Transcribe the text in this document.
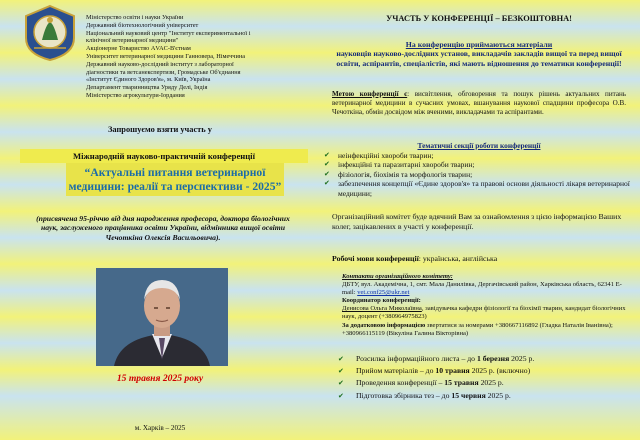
Міністерство освіти і науки України
Державний біотехнологічний університет
Національний науковий центр "Інститут експериментальної і
клінічної ветеринарної медицини"
Акціонерне Товариство АVAС-В'єтнам
Університет ветеринарної медицини Ганновера, Німеччина
Державний науково-дослідний інститут з лабораторної
діагностики та ветсанекспертизи, Громадське Об'єднання
«Інститут Єдиного Здоров'я», м. Київ, Україна
Департамент тваринництва Уряду Делі, Індія
Міністерство агрокультури-Іордания
Запрошуємо взяти участь у
Міжнародній науково-практичній конференції
“Актуальні питання ветеринарної медицини: реалії та перспективи - 2025”
(присвячена 95-річчю від дня народження професора, доктора біологічних наук, заслуженого працівника освіти України, відмінника вищої освіти Чечоткіна Олексія Васильовича).
15 травня 2025 року
м. Харків – 2025
УЧАСТЬ У КОНФЕРЕНЦІЇ – БЕЗКОШТОВНА!
На конференцію приймаються матеріали
науковців науково-дослідних установ, викладачів закладів вищої та перед вищої освіти, аспірантів, спеціалістів, які мають відношення до тематики конференції!
Метою конференції є: висвітлення, обговорення та пошук рішень актуальних питань ветеринарної медицини в сучасних умовах, вшанування наукової спадщини професора О.В. Чечоткіна, обмін досвідом між вченими, викладачами та аспірантами.
Тематичні секції роботи конференції
✔	неінфекційні хвороби тварин;
✔	інфекційні та паразитарні хвороби тварин;
✔	фізіологія, біохімія та морфологія тварин;
✔	забезпечення концепції «Єдине здоров'я» та правові основи діяльності лікаря ветеринарної медицини;
Організаційний комітет буде вдячний Вам за ознайомлення з цією інформацією Ваших колег, зацікавлених в участі у конференції.
Робочі мови конференції: українська, англійська
Контакти організаційного комітету:
ДБТУ, вул. Академічна, 1, смт. Мала Данилівка, Дергачівський район, Харківська область, 62341 E-mail: vet.conf25@ukr.net
Координатор конференції:
Денисова Ольга Миколаївна, завідувачка кафедри фізіології та біохімії тварин, кандидат біологічних наук, доцент (+380964975823)
За додатковою інформацією звертатися за номерами +380667116892 (Гладка Наталія Іванівна); +380966115119 (Вікуліна Галина Вікторівна)
✔	Розсилка інформаційного листа – до 1 березня 2025 р.
✔	Прийом матеріалів – до 10 травня 2025 р. (включно)
✔	Проведення конференції – 15 травня 2025 р.
✔	Підготовка збірника тез – до 15 червня 2025 р.
